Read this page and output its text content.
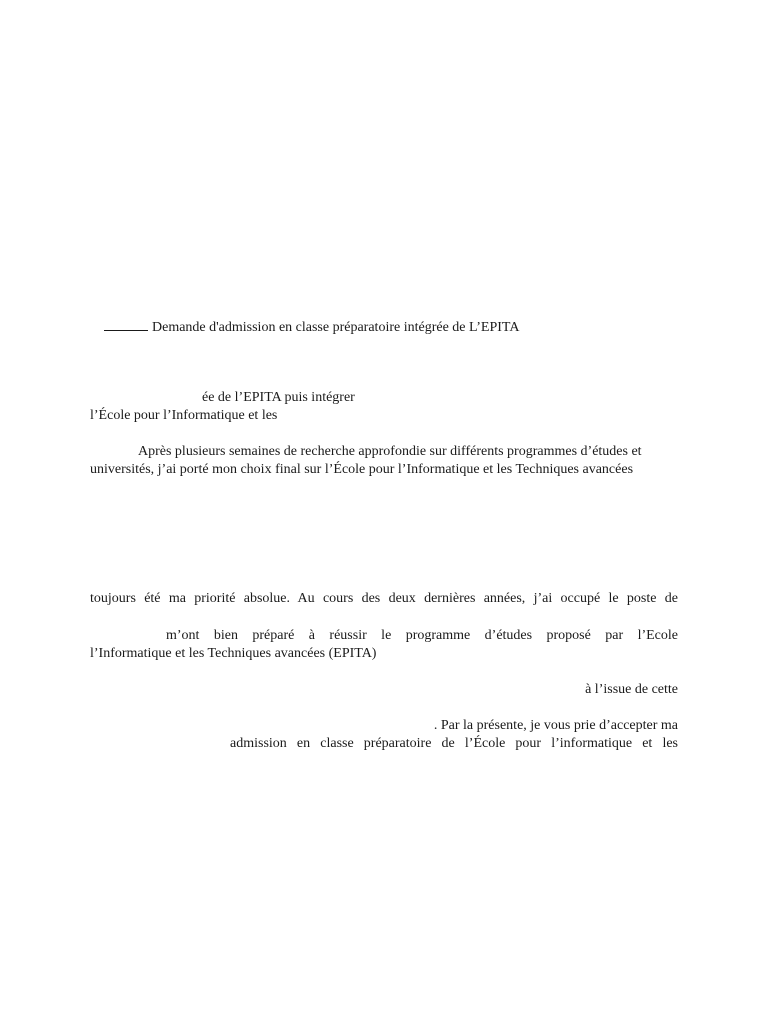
Demande d'admission en classe préparatoire intégrée de L’EPITA

ée de l’EPITA puis intégrer
l’École pour l’Informatique et les
Après plusieurs semaines de recherche approfondie sur différents programmes d’études et
universités, j’ai porté mon choix final sur l’École pour l’Informatique et les Techniques avancées
toujours été ma priorité absolue. Au cours des deux dernières années, j’ai occupé le poste de
m’ont bien préparé à réussir le programme d’études proposé par l’Ecole
l’Informatique et les Techniques avancées (EPITA)
à l’issue de cette
. Par la présente, je vous prie d’accepter ma
admission en classe préparatoire de l’École pour l’informatique et les
